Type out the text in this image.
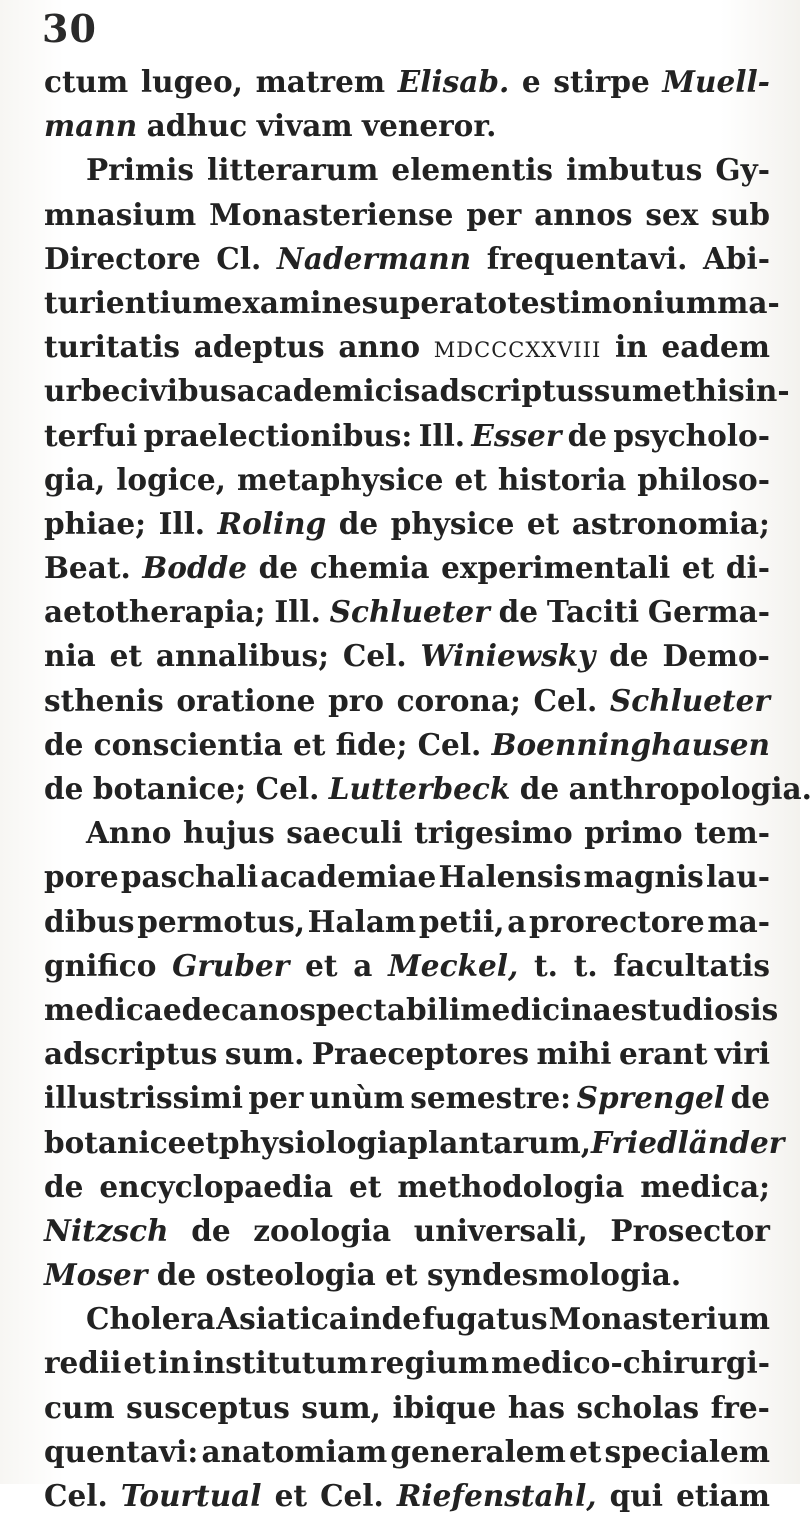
30
ctum lugeo, matrem Elisab. e stirpe Muell-
mann adhuc vivam veneror.
Primis litterarum elementis imbutus Gy-
mnasium Monasteriense per annos sex sub
Directore Cl. Nadermann frequentavi. Abi-
turientium examine superato testimonium ma-
turitatis adeptus anno mdcccxxviii in eadem
urbe civibus academicis adscriptus sum et his in-
terfui praelectionibus: Ill. Esser de psycholo-
gia, logice, metaphysice et historia philoso-
phiae; Ill. Roling de physice et astronomia;
Beat. Bodde de chemia experimentali et di-
aetotherapia; Ill. Schlueter de Taciti Germa-
nia et annalibus; Cel. Winiewsky de Demo-
sthenis oratione pro corona; Cel. Schlueter
de conscientia et fide; Cel. Boenninghausen
de botanice; Cel. Lutterbeck de anthropologia.
Anno hujus saeculi trigesimo primo tem-
pore paschali academiae Halensis magnis lau-
dibus permotus, Halam petii, a prorectore ma-
gnifico Gruber et a Meckel, t. t. facultatis
medicae decano spectabili medicinae studiosis
adscriptus sum. Praeceptores mihi erant viri
illustrissimi per unùm semestre: Sprengel de
botanice et physiologia plantarum, Friedländer
de encyclopaedia et methodologia medica;
Nitzsch de zoologia universali, Prosector
Moser de osteologia et syndesmologia.
Cholera Asiatica inde fugatus Monasterium
redii et in institutum regium medico-chirurgi-
cum susceptus sum, ibique has scholas fre-
quentavi: anatomiam generalem et specialem
Cel. Tourtual et Cel. Riefenstahl, qui etiam
